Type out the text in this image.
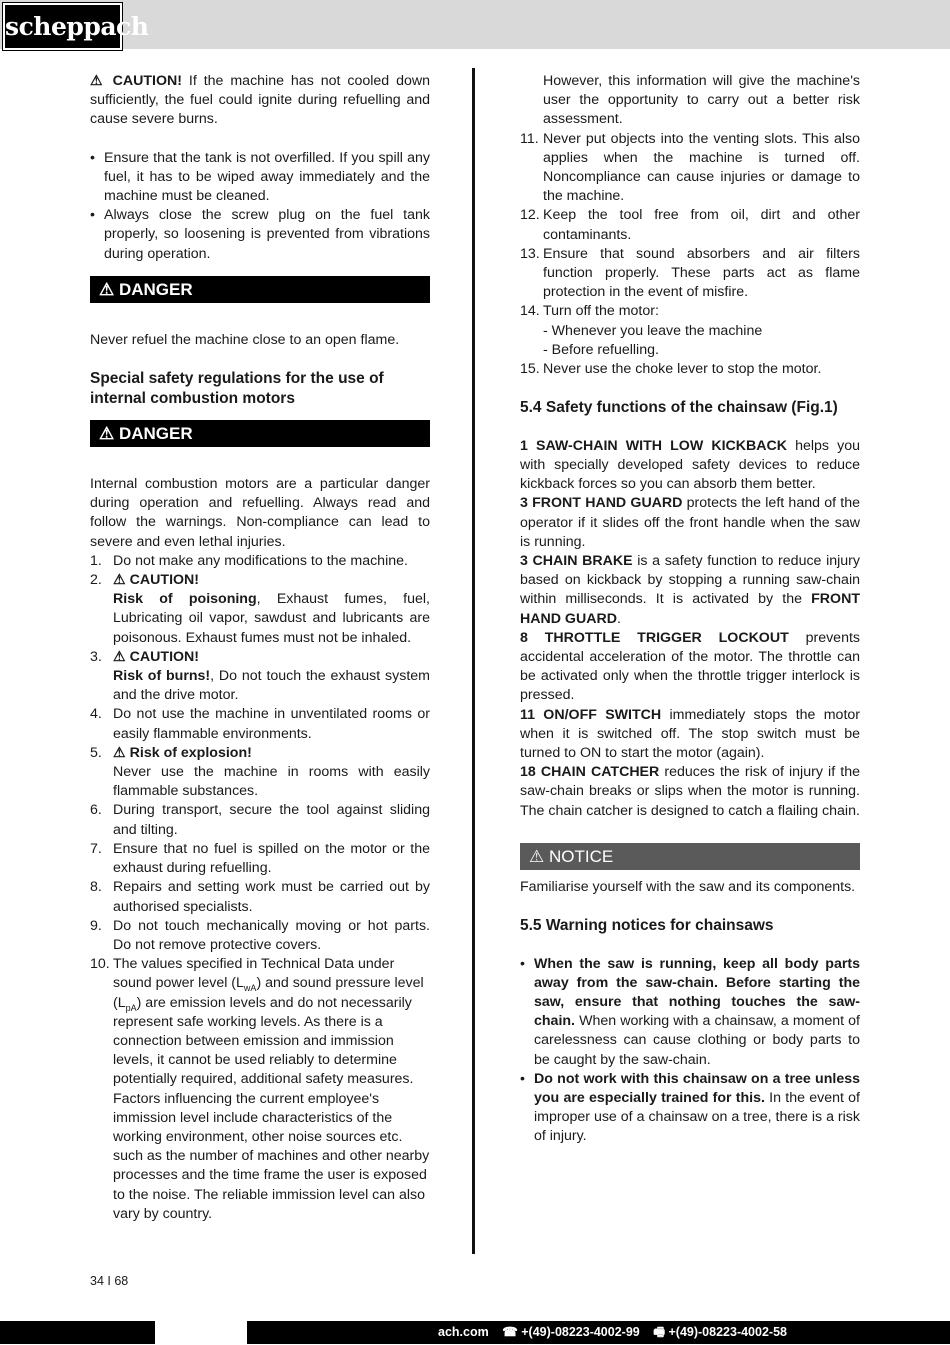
scheppach

⚠ CAUTION! If the machine has not cooled down sufficiently, the fuel could ignite during refuelling and cause severe burns.

• Ensure that the tank is not overfilled. If you spill any fuel, it has to be wiped away immediately and the machine must be cleaned.
• Always close the screw plug on the fuel tank properly, so loosening is prevented from vibrations during operation.
⚠ DANGER

Never refuel the machine close to an open flame.

Special safety regulations for the use of internal combustion motors

⚠ DANGER

Internal combustion motors are a particular danger during operation and refuelling. Always read and follow the warnings. Non-compliance can lead to severe and even lethal injuries.

1. Do not make any modifications to the machine.
2. ⚠ CAUTION!
Risk of poisoning, Exhaust fumes, fuel, Lubricating oil vapor, sawdust and lubricants are poisonous. Exhaust fumes must not be inhaled.
3. ⚠ CAUTION!
Risk of burns!, Do not touch the exhaust system and the drive motor.
4. Do not use the machine in unventilated rooms or easily flammable environments.
5. ⚠ Risk of explosion!
Never use the machine in rooms with easily flammable substances.
6. During transport, secure the tool against sliding and tilting.
7. Ensure that no fuel is spilled on the motor or the exhaust during refuelling.
8. Repairs and setting work must be carried out by authorised specialists.
9. Do not touch mechanically moving or hot parts. Do not remove protective covers.
10. The values specified in Technical Data under sound power level $(L_{wA})$ and sound pressure level $(L_{pA})$ are emission levels and do not necessarily represent safe working levels. As there is a connection between emission and immission levels, it cannot be used reliably to determine potentially required, additional safety measures. Factors influencing the current employee's immission level include characteristics of the working environment, other noise sources etc. such as the number of machines and other nearby processes and the time frame the user is exposed to the noise. The reliable immission level can also vary by country.
However, this information will give the machine's user the opportunity to carry out a better risk assessment.
11. Never put objects into the venting slots. This also applies when the machine is turned off. Noncompliance can cause injuries or damage to the machine.
12. Keep the tool free from oil, dirt and other contaminants.
13. Ensure that sound absorbers and air filters function properly. These parts act as flame protection in the event of misfire.
14. Turn off the motor:
- Whenever you leave the machine
- Before refuelling.
15. Never use the choke lever to stop the motor.

5.4 Safety functions of the chainsaw (Fig.1)

1 SAW-CHAIN WITH LOW KICKBACK helps you with specially developed safety devices to reduce kickback forces so you can absorb them better.

3 FRONT HAND GUARD protects the left hand of the operator if it slides off the front handle when the saw is running.

3 CHAIN BRAKE is a safety function to reduce injury based on kickback by stopping a running saw-chain within milliseconds. It is activated by the FRONT HAND GUARD.

8 THROTTLE TRIGGER LOCKOUT prevents accidental acceleration of the motor. The throttle can be activated only when the throttle trigger interlock is pressed.

11 ON/OFF SWITCH immediately stops the motor when it is switched off. The stop switch must be turned to ON to start the motor (again).

18 CHAIN CATCHER reduces the risk of injury if the saw-chain breaks or slips when the motor is running. The chain catcher is designed to catch a flailing chain.

⚠ NOTICE

Familiarise yourself with the saw and its components.

5.5 Warning notices for chainsaws

• When the saw is running, keep all body parts away from the saw-chain. Before starting the saw, ensure that nothing touches the saw-chain. When working with a chainsaw, a moment of carelessness can cause clothing or body parts to be caught by the saw-chain.
• Do not work with this chainsaw on a tree unless you are especially trained for this. In the event of improper use of a chainsaw on a tree, there is a risk of injury.
34 I 68
ach.com ☎ +(49)-08223-4002-99 🖷 +(49)-08223-4002-58
